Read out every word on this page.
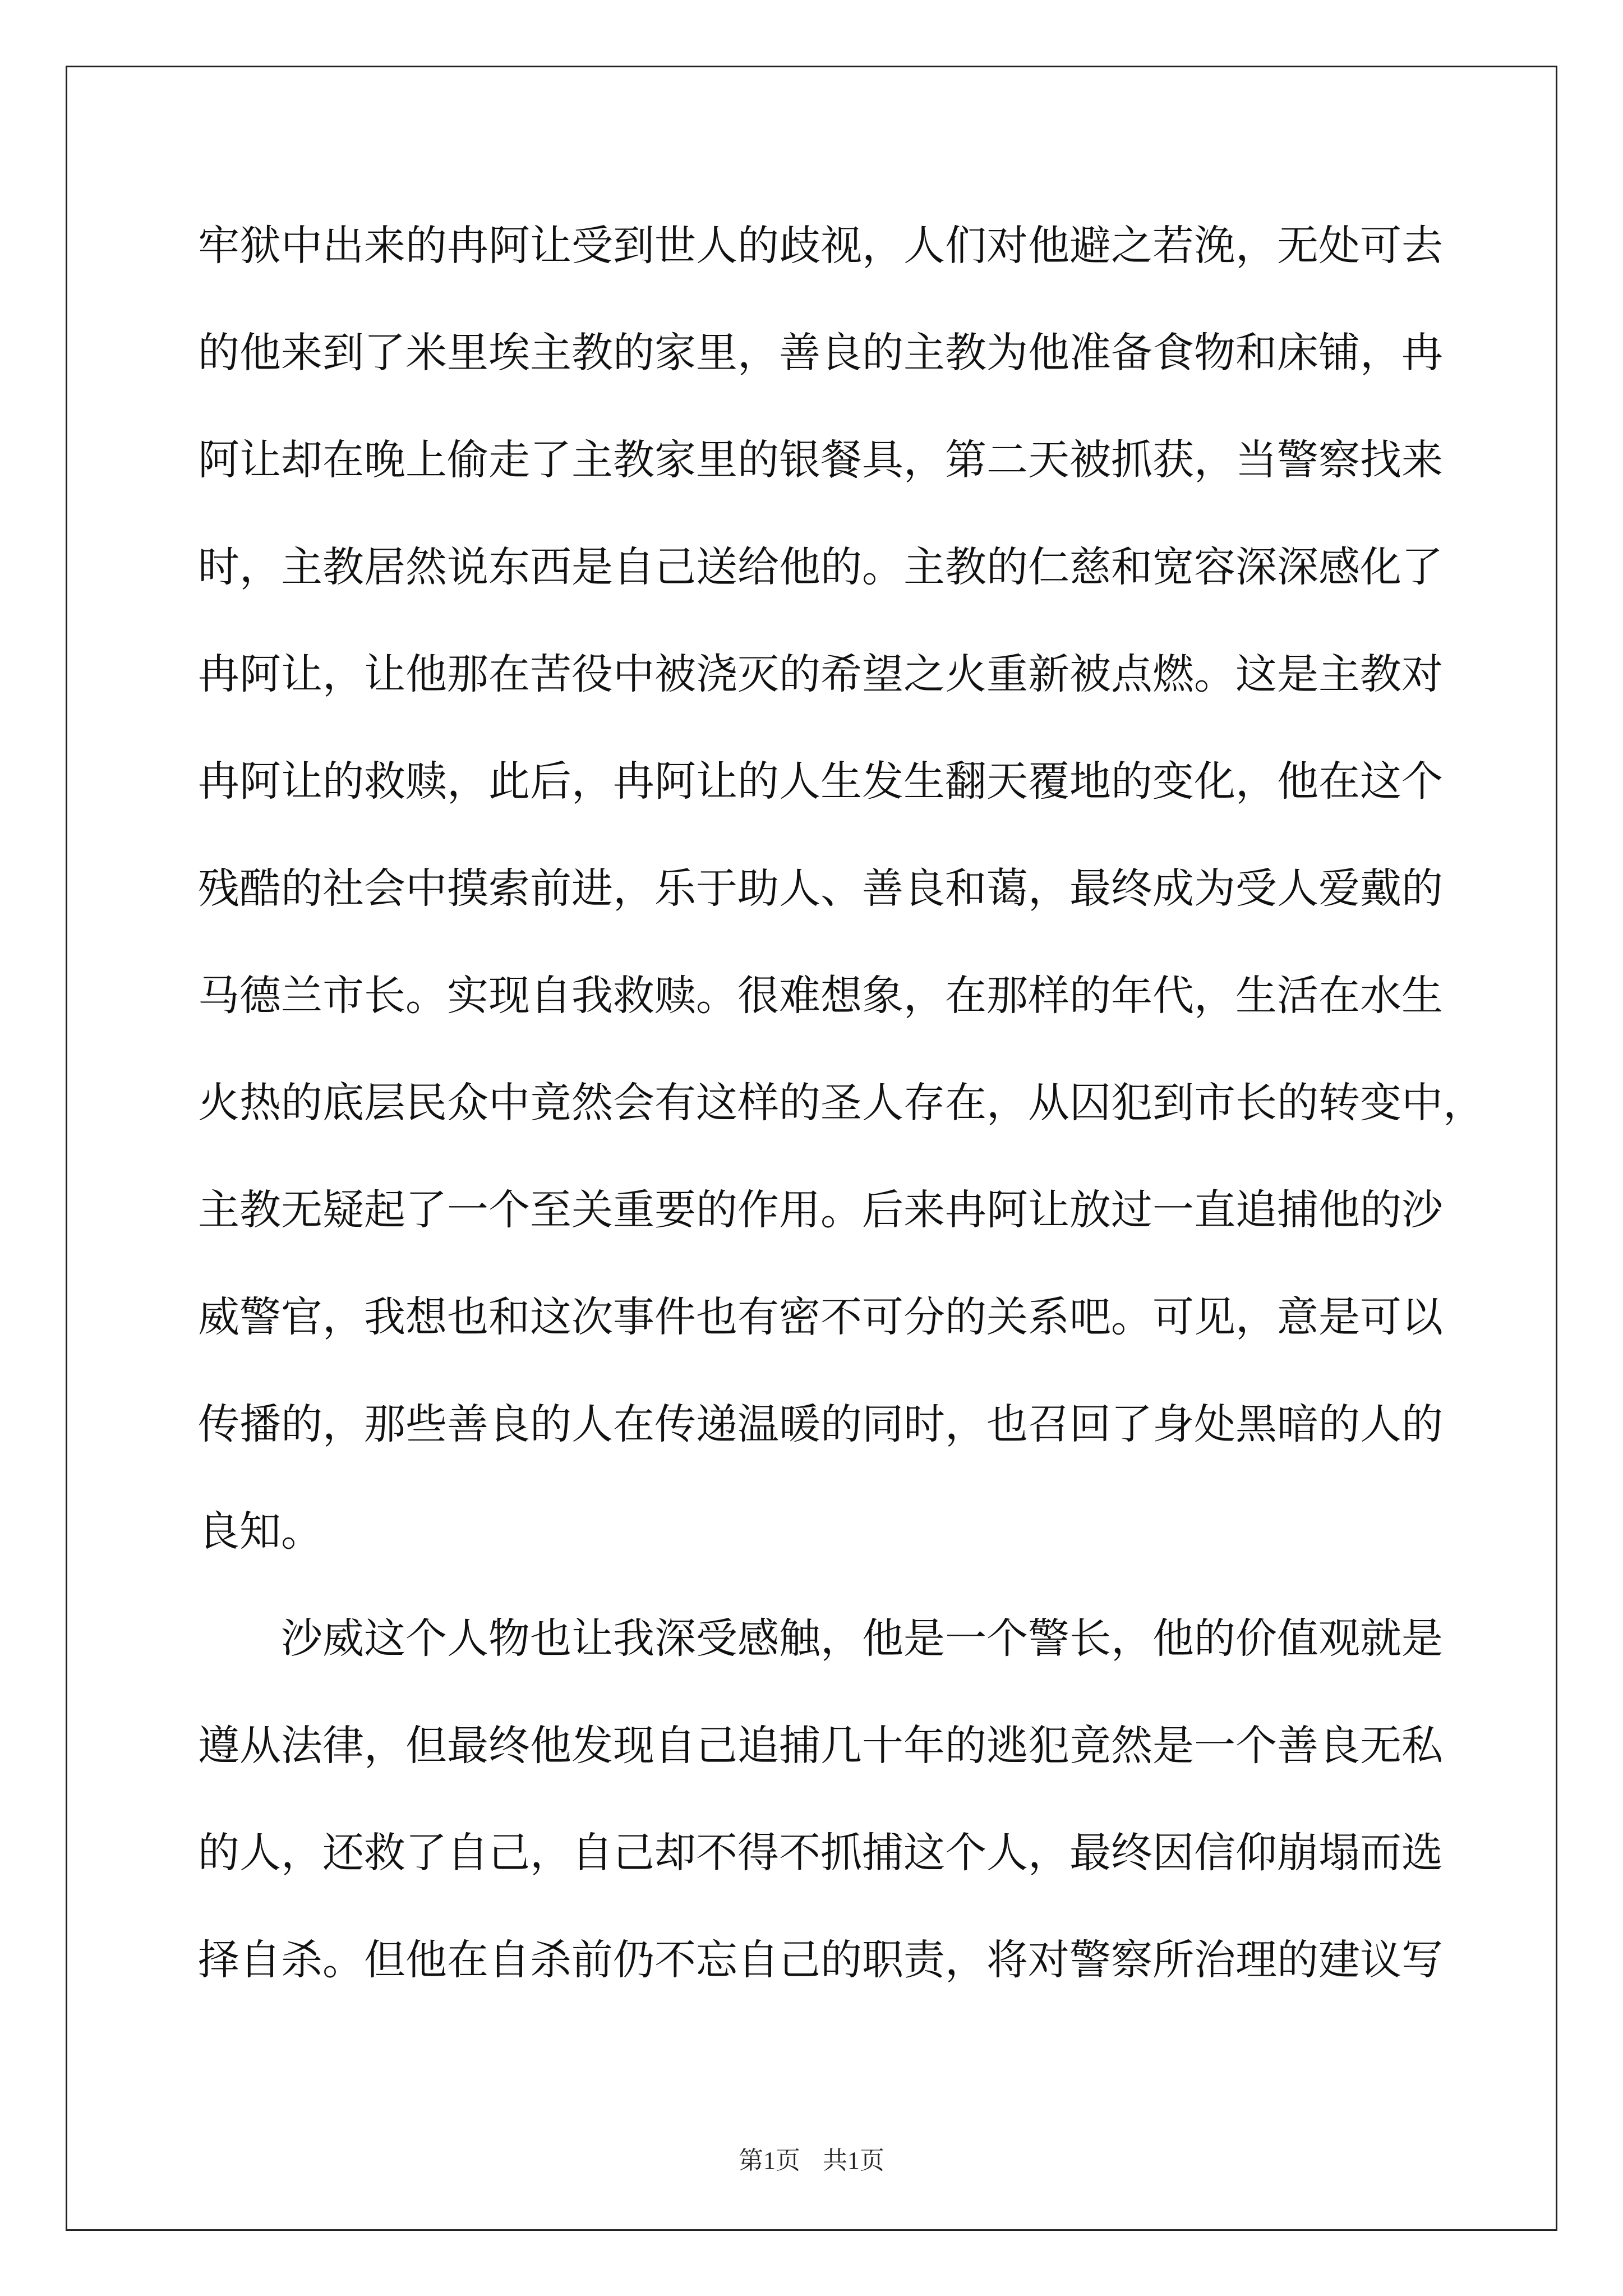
牢 狱 中 出 来 的 冉 阿 让 受 到 世 人 的 歧 视 ， 人 们 对 他 避 之 若 浼 ， 无 处 可 去
的 他 来 到 了 米 里 埃 主 教 的 家 里 ， 善 良 的 主 教 为 他 准 备 食 物 和 床 铺 ， 冉
阿 让 却 在 晚 上 偷 走 了 主 教 家 里 的 银 餐 具 ， 第 二 天 被 抓 获 ， 当 警 察 找 来
时 ， 主 教 居 然 说 东 西 是 自 己 送 给 他 的 。 主 教 的 仁 慈 和 宽 容 深 深 感 化 了
冉 阿 让 ， 让 他 那 在 苦 役 中 被 浇 灭 的 希 望 之 火 重 新 被 点 燃 。 这 是 主 教 对
冉 阿 让 的 救 赎 ， 此 后 ， 冉 阿 让 的 人 生 发 生 翻 天 覆 地 的 变 化 ， 他 在 这 个
残 酷 的 社 会 中 摸 索 前 进 ， 乐 于 助 人 、 善 良 和 蔼 ， 最 终 成 为 受 人 爱 戴 的
马 德 兰 市 长 。 实 现 自 我 救 赎 。 很 难 想 象 ， 在 那 样 的 年 代 ， 生 活 在 水 生
火 热 的 底 层 民 众 中 竟 然 会 有 这 样 的 圣 人 存 在 ， 从 囚 犯 到 市 长 的 转 变 中 ，
主 教 无 疑 起 了 一 个 至 关 重 要 的 作 用 。 后 来 冉 阿 让 放 过 一 直 追 捕 他 的 沙
威 警 官 ， 我 想 也 和 这 次 事 件 也 有 密 不 可 分 的 关 系 吧 。 可 见 ， 意 是 可 以
传 播 的 ， 那 些 善 良 的 人 在 传 递 温 暖 的 同 时 ， 也 召 回 了 身 处 黑 暗 的 人 的
良知。

沙 威 这 个 人 物 也 让 我 深 受 感 触 ， 他 是 一 个 警 长 ， 他 的 价 值 观 就 是
遵 从 法 律 ， 但 最 终 他 发 现 自 己 追 捕 几 十 年 的 逃 犯 竟 然 是 一 个 善 良 无 私
的 人 ， 还 救 了 自 己 ， 自 己 却 不 得 不 抓 捕 这 个 人 ， 最 终 因 信 仰 崩 塌 而 选
择 自 杀 。 但 他 在 自 杀 前 仍 不 忘 自 己 的 职 责 ， 将 对 警 察 所 治 理 的 建 议 写
第1页 共1页
